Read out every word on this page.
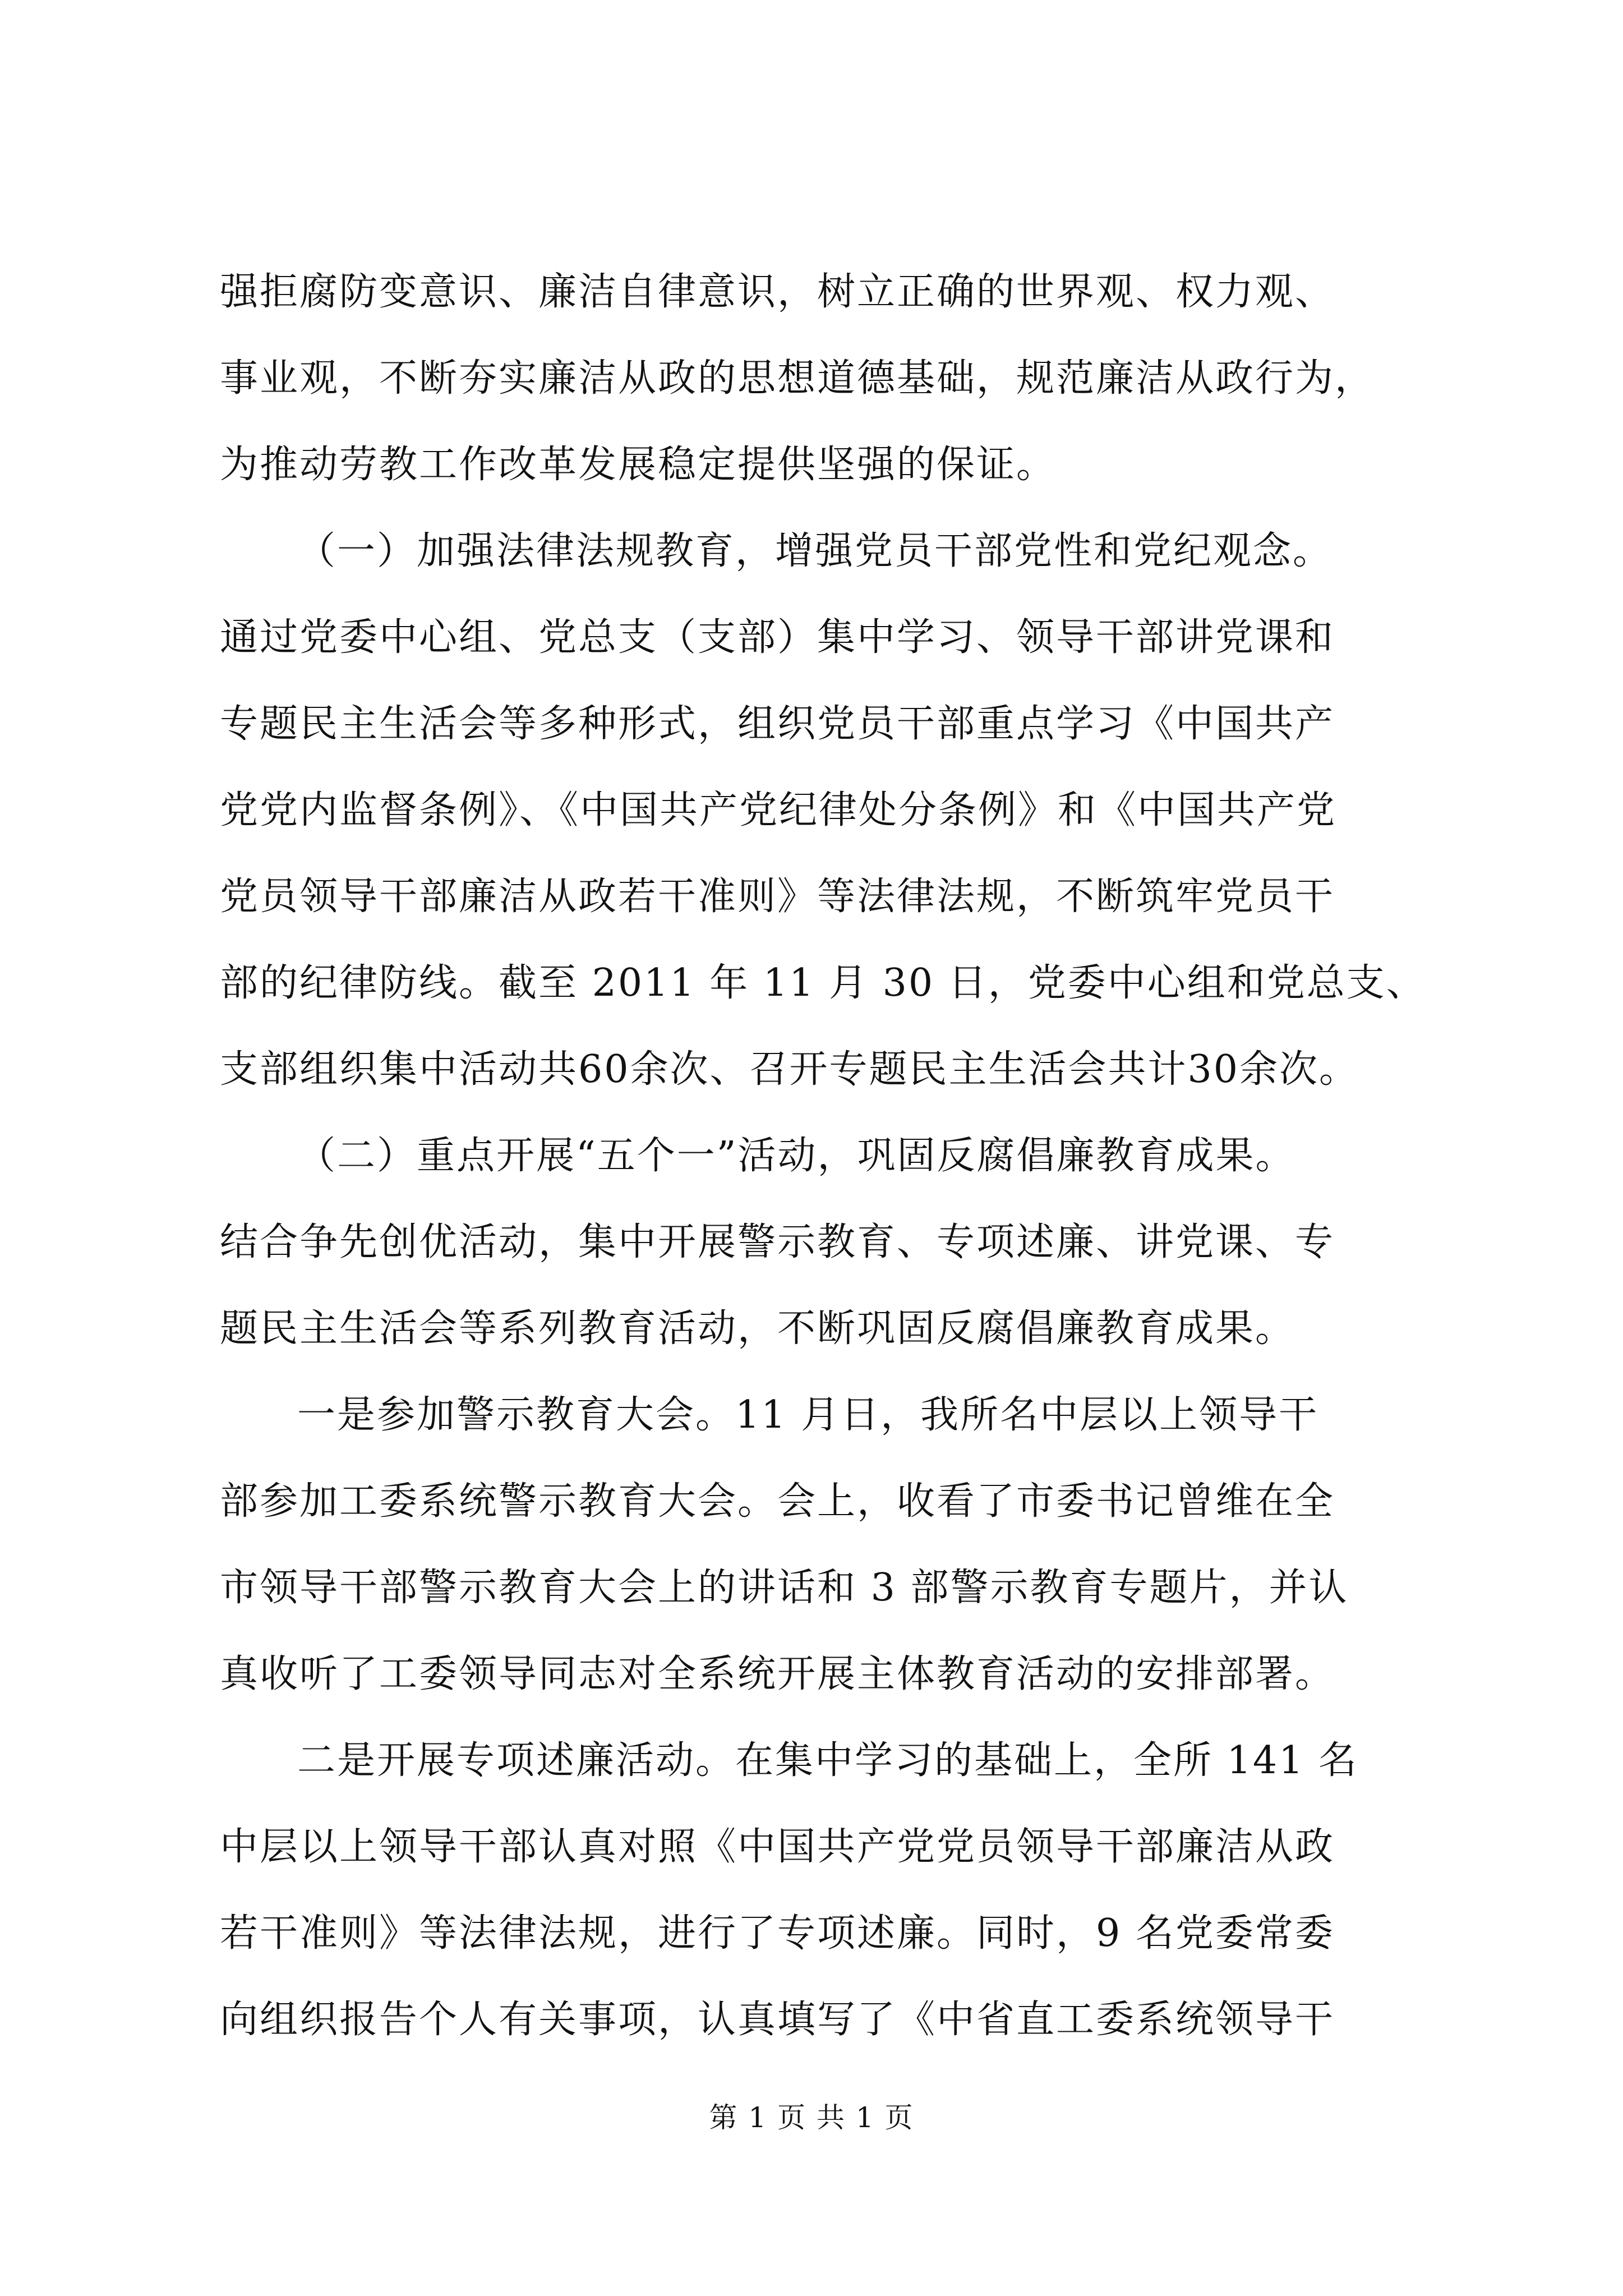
强拒腐防变意识、廉洁自律意识，树立正确的世界观、权力观、
事业观，不断夯实廉洁从政的思想道德基础，规范廉洁从政行为，
为推动劳教工作改革发展稳定提供坚强的保证。
（一）加强法律法规教育，增强党员干部党性和党纪观念。
通过党委中心组、党总支（支部）集中学习、领导干部讲党课和
专题民主生活会等多种形式，组织党员干部重点学习《中国共产
党党内监督条例》、《中国共产党纪律处分条例》和《中国共产党
党员领导干部廉洁从政若干准则》等法律法规，不断筑牢党员干
部的纪律防线。截至 2011 年 11 月 30 日，党委中心组和党总支、
支部组织集中活动共60余次、召开专题民主生活会共计30余次。
（二）重点开展“五个一”活动，巩固反腐倡廉教育成果。
结合争先创优活动，集中开展警示教育、专项述廉、讲党课、专
题民主生活会等系列教育活动，不断巩固反腐倡廉教育成果。
一是参加警示教育大会。11 月日，我所名中层以上领导干
部参加工委系统警示教育大会。会上，收看了市委书记曾维在全
市领导干部警示教育大会上的讲话和 3 部警示教育专题片，并认
真收听了工委领导同志对全系统开展主体教育活动的安排部署。
二是开展专项述廉活动。在集中学习的基础上，全所 141 名
中层以上领导干部认真对照《中国共产党党员领导干部廉洁从政
若干准则》等法律法规，进行了专项述廉。同时，9 名党委常委
向组织报告个人有关事项，认真填写了《中省直工委系统领导干
第 1 页 共 1 页
